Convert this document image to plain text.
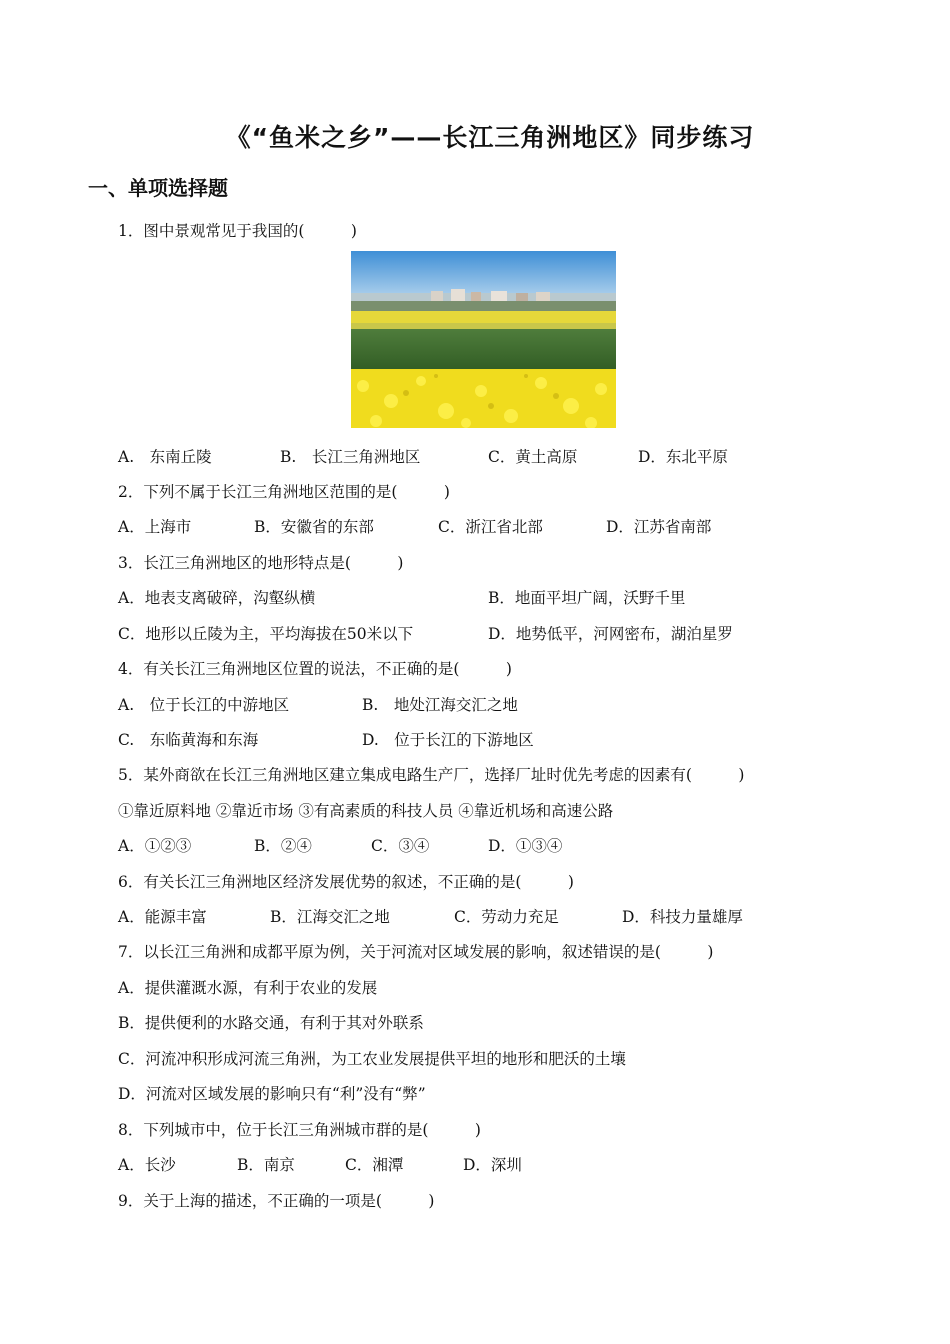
《“鱼米之乡”——长江三角洲地区》同步练习
一、单项选择题
1．图中景观常见于我国的(　　　)
A.　东南丘陵	B.　长江三角洲地区	C．黄土高原	D．东北平原
2．下列不属于长江三角洲地区范围的是(　　　)
A．上海市	B．安徽省的东部	C．浙江省北部	D．江苏省南部
3．长江三角洲地区的地形特点是(　　　)
A．地表支离破碎，沟壑纵横	B．地面平坦广阔，沃野千里
C．地形以丘陵为主，平均海拔在50米以下	D．地势低平，河网密布，湖泊星罗
4．有关长江三角洲地区位置的说法，不正确的是(　　　)
A.　位于长江的中游地区	B.　地处江海交汇之地
C.　东临黄海和东海	D.　位于长江的下游地区
5．某外商欲在长江三角洲地区建立集成电路生产厂，选择厂址时优先考虑的因素有(　　　)
①靠近原料地 ②靠近市场 ③有高素质的科技人员 ④靠近机场和高速公路
A．①②③	B．②④	C．③④	D．①③④
6．有关长江三角洲地区经济发展优势的叙述，不正确的是(　　　)
A．能源丰富	B．江海交汇之地	C．劳动力充足	D．科技力量雄厚
7．以长江三角洲和成都平原为例，关于河流对区域发展的影响，叙述错误的是(　　　)
A．提供灌溉水源，有利于农业的发展
B．提供便利的水路交通，有利于其对外联系
C．河流冲积形成河流三角洲，为工农业发展提供平坦的地形和肥沃的土壤
D．河流对区域发展的影响只有“利”没有“弊”
8．下列城市中，位于长江三角洲城市群的是(　　　)
A．长沙	B．南京	C．湘潭	D．深圳
9．关于上海的描述，不正确的一项是(　　　)
